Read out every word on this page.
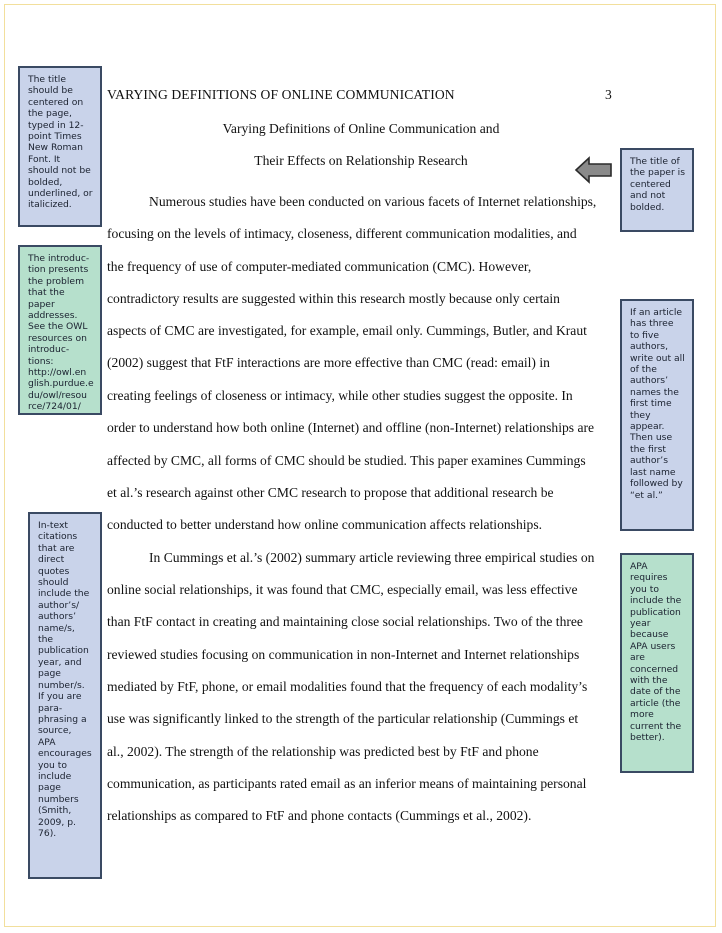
The title
should be
centered on
the page,
typed in 12-
point Times
New Roman
Font. It
should not be
bolded,
underlined, or
italicized.
The introduc-
tion presents
the problem
that the
paper
addresses.
See the OWL
resources on
introduc-
tions:
http://owl.en
glish.purdue.e
du/owl/resou
rce/724/01/
In-text
citations
that are
direct
quotes
should
include the
author’s/
authors’
name/s,
the
publication
year, and
page
number/s.
If you are
para-
phrasing a
source,
APA
encourages
you to
include
page
numbers
(Smith,
2009, p.
76).
The title of
the paper is
centered
and not
bolded.
If an article
has three
to five
authors,
write out all
of the
authors’
names the
first time
they
appear.
Then use
the first
author’s
last name
followed by
“et al.”
APA
requires
you to
include the
publication
year
because
APA users
are
concerned
with the
date of the
article (the
more
current the
better).
VARYING DEFINITIONS OF ONLINE COMMUNICATION	3
Varying Definitions of Online Communication and
Their Effects on Relationship Research
Numerous studies have been conducted on various facets of Internet relationships,
focusing on the levels of intimacy, closeness, different communication modalities, and
the frequency of use of computer-mediated communication (CMC). However,
contradictory results are suggested within this research mostly because only certain
aspects of CMC are investigated, for example, email only. Cummings, Butler, and Kraut
(2002) suggest that FtF interactions are more effective than CMC (read: email) in
creating feelings of closeness or intimacy, while other studies suggest the opposite. In
order to understand how both online (Internet) and offline (non-Internet) relationships are
affected by CMC, all forms of CMC should be studied. This paper examines Cummings
et al.’s research against other CMC research to propose that additional research be
conducted to better understand how online communication affects relationships.
In Cummings et al.’s (2002) summary article reviewing three empirical studies on
online social relationships, it was found that CMC, especially email, was less effective
than FtF contact in creating and maintaining close social relationships. Two of the three
reviewed studies focusing on communication in non-Internet and Internet relationships
mediated by FtF, phone, or email modalities found that the frequency of each modality’s
use was significantly linked to the strength of the particular relationship (Cummings et
al., 2002). The strength of the relationship was predicted best by FtF and phone
communication, as participants rated email as an inferior means of maintaining personal
relationships as compared to FtF and phone contacts (Cummings et al., 2002).
